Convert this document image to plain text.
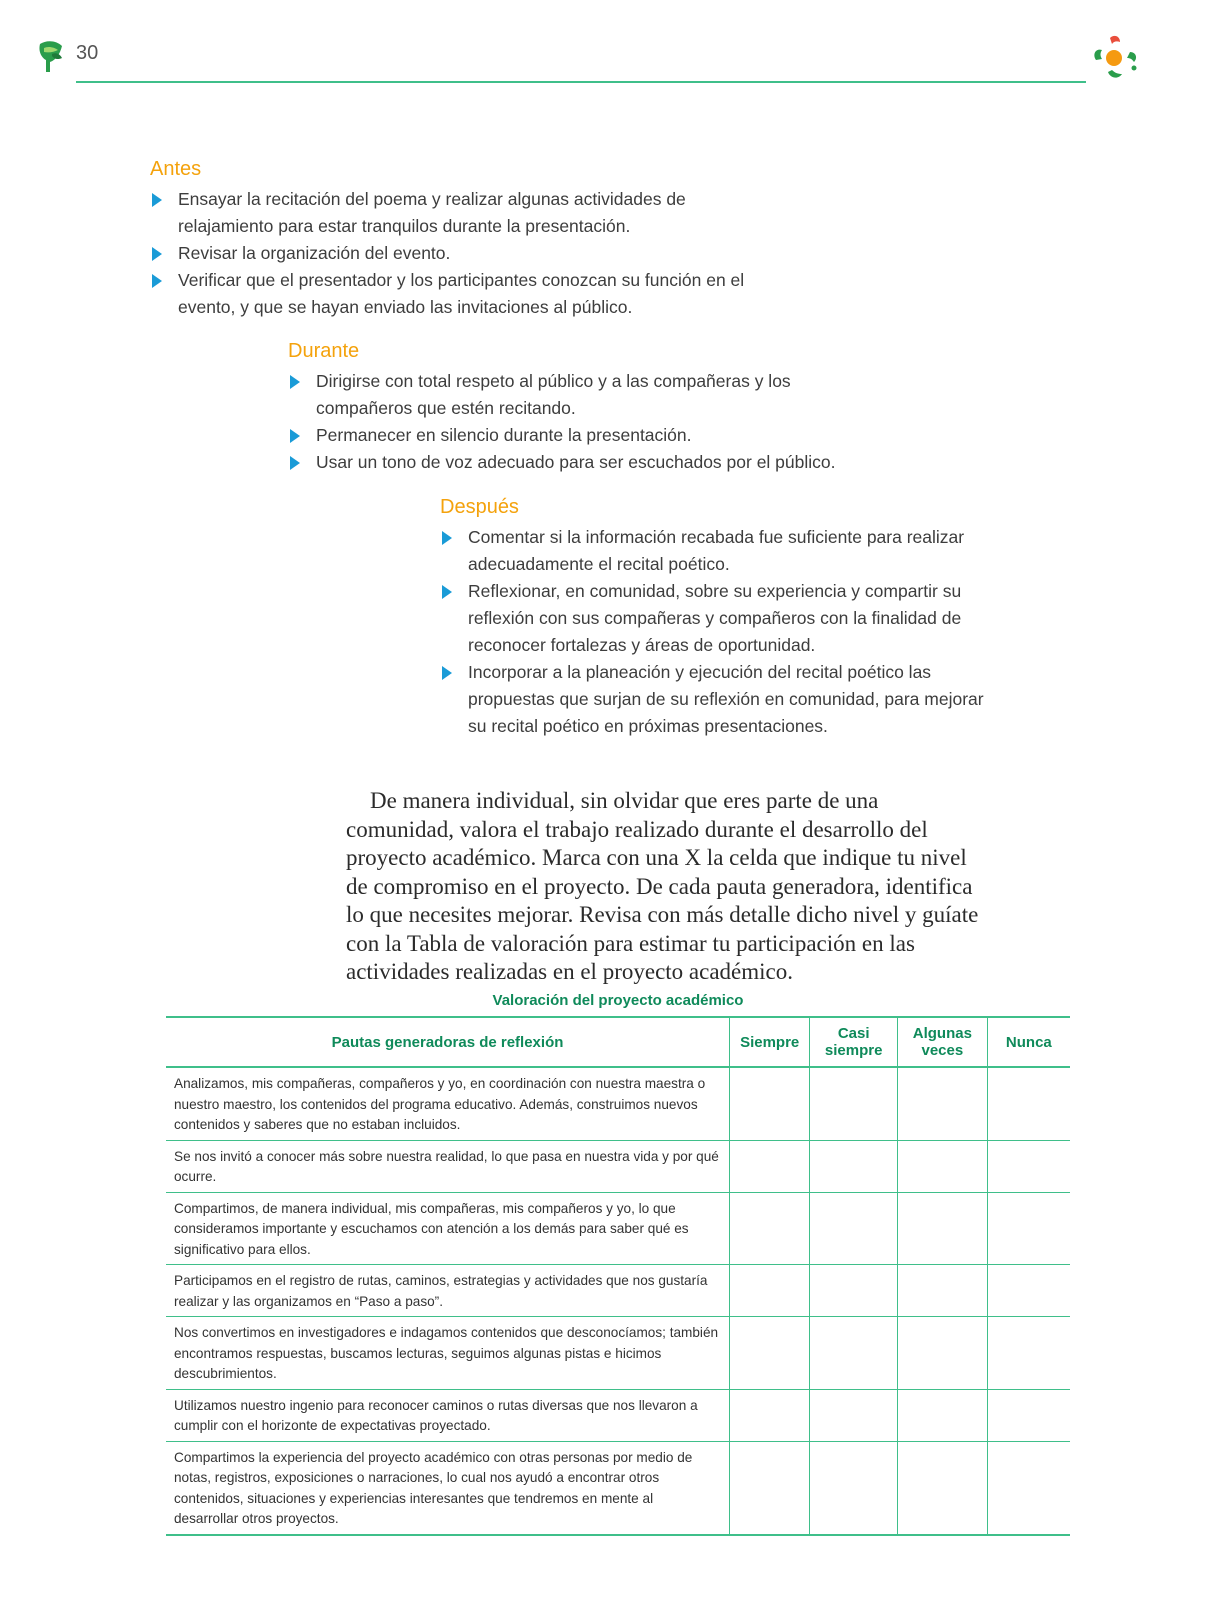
30
Antes
Ensayar la recitación del poema y realizar algunas actividades de relajamiento para estar tranquilos durante la presentación.
Revisar la organización del evento.
Verificar que el presentador y los participantes conozcan su función en el evento, y que se hayan enviado las invitaciones al público.
Durante
Dirigirse con total respeto al público y a las compañeras y los compañeros que estén recitando.
Permanecer en silencio durante la presentación.
Usar un tono de voz adecuado para ser escuchados por el público.
Después
Comentar si la información recabada fue suficiente para realizar adecuadamente el recital poético.
Reflexionar, en comunidad, sobre su experiencia y compartir su reflexión con sus compañeras y compañeros con la finalidad de reconocer fortalezas y áreas de oportunidad.
Incorporar a la planeación y ejecución del recital poético las propuestas que surjan de su reflexión en comunidad, para mejorar su recital poético en próximas presentaciones.

De manera individual, sin olvidar que eres parte de una comunidad, valora el trabajo realizado durante el desarrollo del proyecto académico. Marca con una X la celda que indique tu nivel de compromiso en el proyecto. De cada pauta generadora, identifica lo que necesites mejorar. Revisa con más detalle dicho nivel y guíate con la Tabla de valoración para estimar tu participación en las actividades realizadas en el proyecto académico.

Valoración del proyecto académico
Pautas generadoras de reflexión	Siempre	Casi siempre	Algunas veces	Nunca
Analizamos, mis compañeras, compañeros y yo, en coordinación con nuestra maestra o nuestro maestro, los contenidos del programa educativo. Además, construimos nuevos contenidos y saberes que no estaban incluidos.				
Se nos invitó a conocer más sobre nuestra realidad, lo que pasa en nuestra vida y por qué ocurre.				
Compartimos, de manera individual, mis compañeras, mis compañeros y yo, lo que consideramos importante y escuchamos con atención a los demás para saber qué es significativo para ellos.				
Participamos en el registro de rutas, caminos, estrategias y actividades que nos gustaría realizar y las organizamos en “Paso a paso”.				
Nos convertimos en investigadores e indagamos contenidos que desconocíamos; también encontramos respuestas, buscamos lecturas, seguimos algunas pistas e hicimos descubrimientos.				
Utilizamos nuestro ingenio para reconocer caminos o rutas diversas que nos llevaron a cumplir con el horizonte de expectativas proyectado.				
Compartimos la experiencia del proyecto académico con otras personas por medio de notas, registros, exposiciones o narraciones, lo cual nos ayudó a encontrar otros contenidos, situaciones y experiencias interesantes que tendremos en mente al desarrollar otros proyectos.				
